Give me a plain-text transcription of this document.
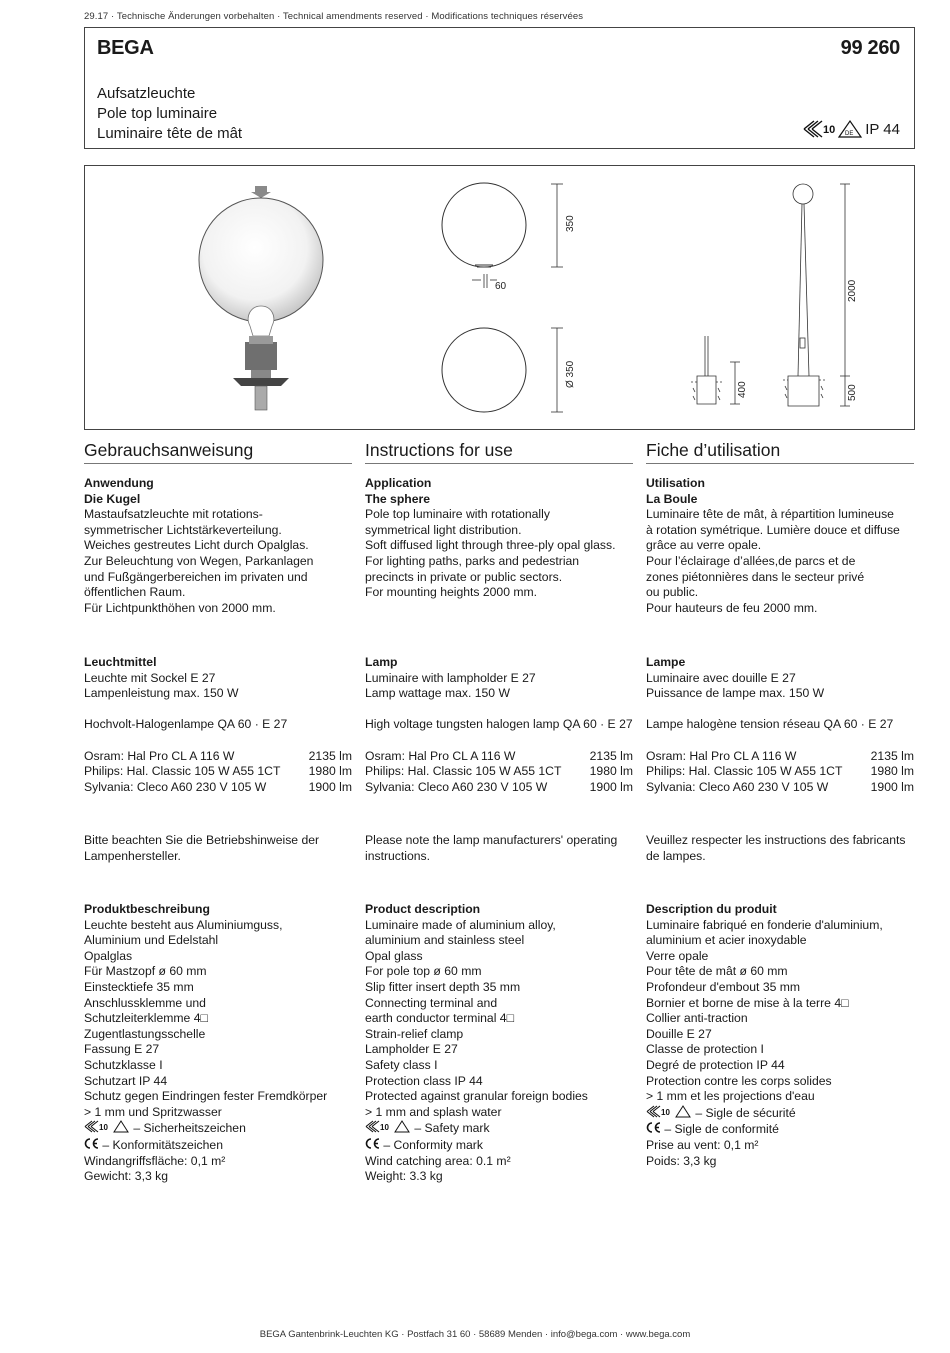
29.17 · Technische Änderungen vorbehalten · Technical amendments reserved · Modifications techniques réservées
BEGA	99 260
Aufsatzleuchte
Pole top luminaire
Luminaire tête de mât	10 DE IP 44
350
60
Ø 350
400
2000
500
Gebrauchsanweisung
Anwendung
Die Kugel
Mastaufsatzleuchte mit rotations-
symmetrischer Lichtstärkeverteilung.
Weiches gestreutes Licht durch Opalglas.
Zur Beleuchtung von Wegen, Parkanlagen
und Fußgängerbereichen im privaten und
öffentlichen Raum.
Für Lichtpunkthöhen von 2000 mm.
Leuchtmittel
Leuchte mit Sockel E 27
Lampenleistung max. 150 W

Hochvolt-Halogenlampe QA 60 · E 27

Osram: Hal Pro CL A 116 W	2135 lm
Philips: Hal. Classic 105 W A55 1CT 1980 lm
Sylvania: Cleco A60 230 V 105 W	1900 lm
Bitte beachten Sie die Betriebshinweise der
Lampenhersteller.
Produktbeschreibung
Leuchte besteht aus Aluminiumguss,
Aluminium und Edelstahl
Opalglas
Für Mastzopf ø 60 mm
Einstecktiefe 35 mm
Anschlussklemme und
Schutzleiterklemme 4□
Zugentlastungsschelle
Fassung E 27
Schutzklasse I
Schutzart IP 44
Schutz gegen Eindringen fester Fremdkörper
> 1 mm und Spritzwasser
10 – Sicherheitszeichen
– Konformitätszeichen
Windangriffsfläche: 0,1 m²
Gewicht: 3,3 kg
Instructions for use
Application
The sphere
Pole top luminaire with rotationally
symmetrical light distribution.
Soft diffused light through three-ply opal glass.
For lighting paths, parks and pedestrian
precincts in private or public sectors.
For mounting heights 2000 mm.
Lamp
Luminaire with lampholder E 27
Lamp wattage max. 150 W

High voltage tungsten halogen lamp QA 60 · E 27

Osram: Hal Pro CL A 116 W	2135 lm
Philips: Hal. Classic 105 W A55 1CT 1980 lm
Sylvania: Cleco A60 230 V 105 W	1900 lm
Please note the lamp manufacturers' operating
instructions.
Product description
Luminaire made of aluminium alloy,
aluminium and stainless steel
Opal glass
For pole top ø 60 mm
Slip fitter insert depth 35 mm
Connecting terminal and
earth conductor terminal 4□
Strain-relief clamp
Lampholder E 27
Safety class I
Protection class IP 44
Protected against granular foreign bodies
> 1 mm and splash water
10 – Safety mark
– Conformity mark
Wind catching area: 0.1 m²
Weight: 3.3 kg
Fiche d’utilisation
Utilisation
La Boule
Luminaire tête de mât, à répartition lumineuse
à rotation symétrique. Lumière douce et diffuse
grâce au verre opale.
Pour l’éclairage d’allées,de parcs et de
zones piétonnières dans le secteur privé
ou public.
Pour hauteurs de feu 2000 mm.
Lampe
Luminaire avec douille E 27
Puissance de lampe max. 150 W

Lampe halogène tension réseau QA 60 · E 27

Osram: Hal Pro CL A 116 W	2135 lm
Philips: Hal. Classic 105 W A55 1CT 1980 lm
Sylvania: Cleco A60 230 V 105 W	1900 lm
Veuillez respecter les instructions des fabricants
de lampes.
Description du produit
Luminaire fabriqué en fonderie d'aluminium,
aluminium et acier inoxydable
Verre opale
Pour tête de mât ø 60 mm
Profondeur d'embout 35 mm
Bornier et borne de mise à la terre 4□
Collier anti-traction
Douille E 27
Classe de protection I
Degré de protection IP 44
Protection contre les corps solides
> 1 mm et les projections d'eau
10 – Sigle de sécurité
– Sigle de conformité
Prise au vent: 0,1 m²
Poids: 3,3 kg
BEGA Gantenbrink-Leuchten KG · Postfach 31 60 · 58689 Menden · info@bega.com · www.bega.com
